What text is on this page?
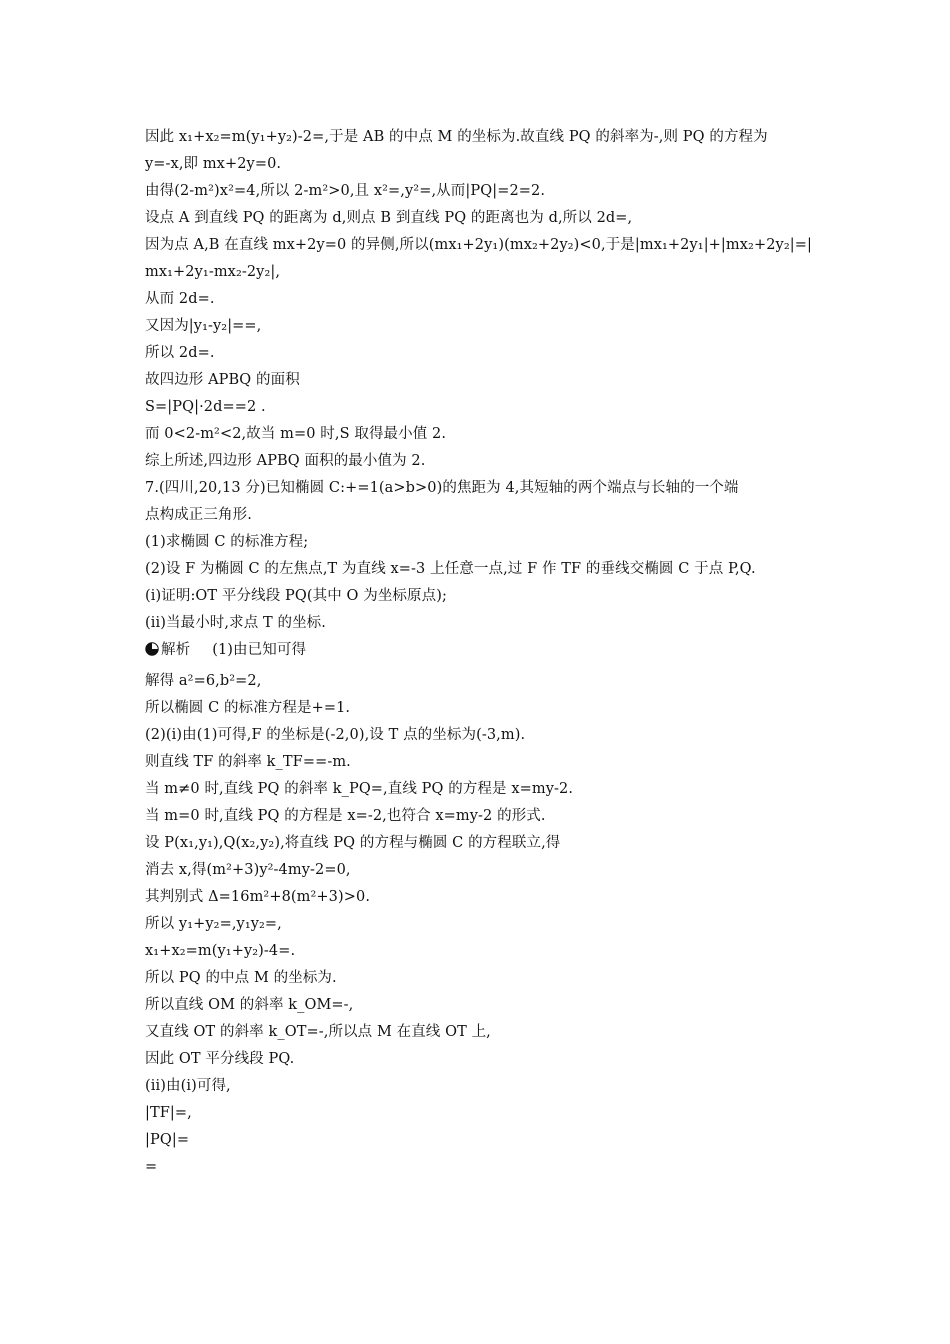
因此 x₁+x₂=m(y₁+y₂)-2=,于是 AB 的中点 M 的坐标为.故直线 PQ 的斜率为-,则 PQ 的方程为
y=-x,即 mx+2y=0.
由得(2-m²)x²=4,所以 2-m²>0,且 x²=,y²=,从而|PQ|=2=2.
设点 A 到直线 PQ 的距离为 d,则点 B 到直线 PQ 的距离也为 d,所以 2d=,
因为点 A,B 在直线 mx+2y=0 的异侧,所以(mx₁+2y₁)(mx₂+2y₂)<0,于是|mx₁+2y₁|+|mx₂+2y₂|=|
mx₁+2y₁-mx₂-2y₂|,
从而 2d=.
又因为|y₁-y₂|==,
所以 2d=.
故四边形 APBQ 的面积
S=|PQ|·2d==2 .
而 0<2-m²<2,故当 m=0 时,S 取得最小值 2.
综上所述,四边形 APBQ 面积的最小值为 2.
7.(四川,20,13 分)已知椭圆 C:+=1(a>b>0)的焦距为 4,其短轴的两个端点与长轴的一个端
点构成正三角形.
(1)求椭圆 C 的标准方程;
(2)设 F 为椭圆 C 的左焦点,T 为直线 x=-3 上任意一点,过 F 作 TF 的垂线交椭圆 C 于点 P,Q.
(i)证明:OT 平分线段 PQ(其中 O 为坐标原点);
(ii)当最小时,求点 T 的坐标.
解析 (1)由已知可得
解得 a²=6,b²=2,
所以椭圆 C 的标准方程是+=1.
(2)(i)由(1)可得,F 的坐标是(-2,0),设 T 点的坐标为(-3,m).
则直线 TF 的斜率 k_TF==-m.
当 m≠0 时,直线 PQ 的斜率 k_PQ=,直线 PQ 的方程是 x=my-2.
当 m=0 时,直线 PQ 的方程是 x=-2,也符合 x=my-2 的形式.
设 P(x₁,y₁),Q(x₂,y₂),将直线 PQ 的方程与椭圆 C 的方程联立,得
消去 x,得(m²+3)y²-4my-2=0,
其判别式 Δ=16m²+8(m²+3)>0.
所以 y₁+y₂=,y₁y₂=,
x₁+x₂=m(y₁+y₂)-4=.
所以 PQ 的中点 M 的坐标为.
所以直线 OM 的斜率 k_OM=-,
又直线 OT 的斜率 k_OT=-,所以点 M 在直线 OT 上,
因此 OT 平分线段 PQ.
(ii)由(i)可得,
|TF|=,
|PQ|=
=
